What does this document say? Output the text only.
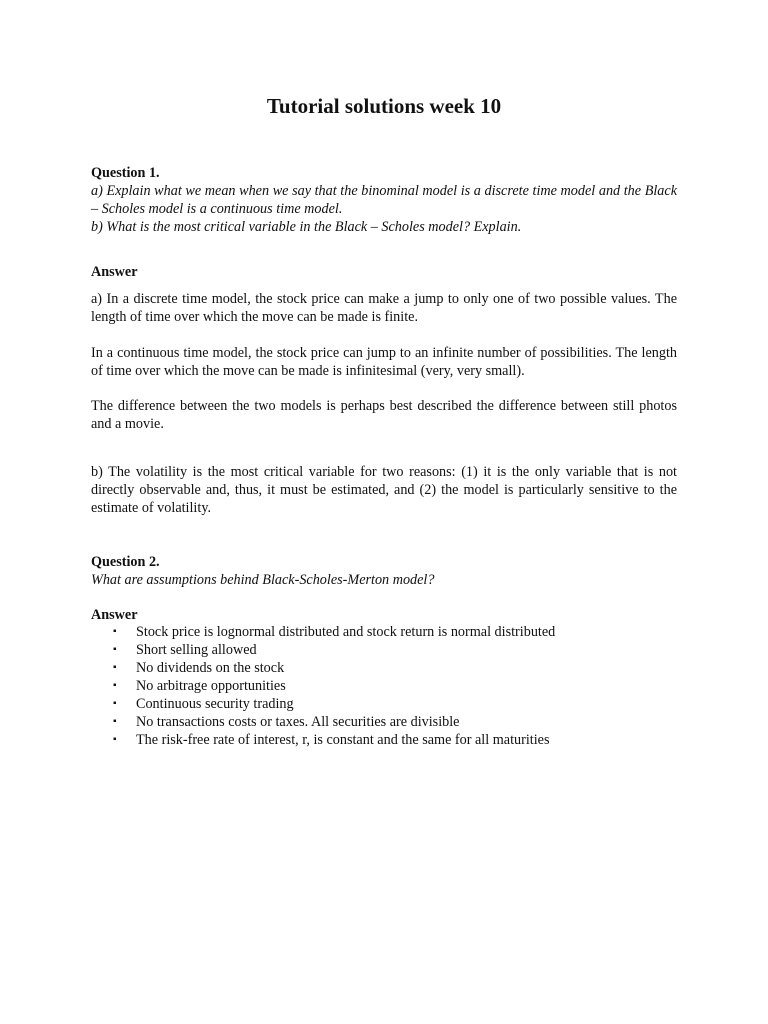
Tutorial solutions week 10
Question 1.
a) Explain what we mean when we say that the binominal model is a discrete time model and the Black – Scholes model is a continuous time model.
b) What is the most critical variable in the Black – Scholes model? Explain.
Answer
a) In a discrete time model, the stock price can make a jump to only one of two possible values. The length of time over which the move can be made is finite.
In a continuous time model, the stock price can jump to an infinite number of possibilities. The length of time over which the move can be made is infinitesimal (very, very small).
The difference between the two models is perhaps best described the difference between still photos and a movie.
b) The volatility is the most critical variable for two reasons: (1) it is the only variable that is not directly observable and, thus, it must be estimated, and (2) the model is particularly sensitive to the estimate of volatility.
Question 2.
What are assumptions behind Black-Scholes-Merton model?
Answer
▪ Stock price is lognormal distributed and stock return is normal distributed
▪ Short selling allowed
▪ No dividends on the stock
▪ No arbitrage opportunities
▪ Continuous security trading
▪ No transactions costs or taxes. All securities are divisible
▪ The risk-free rate of interest, r, is constant and the same for all maturities
